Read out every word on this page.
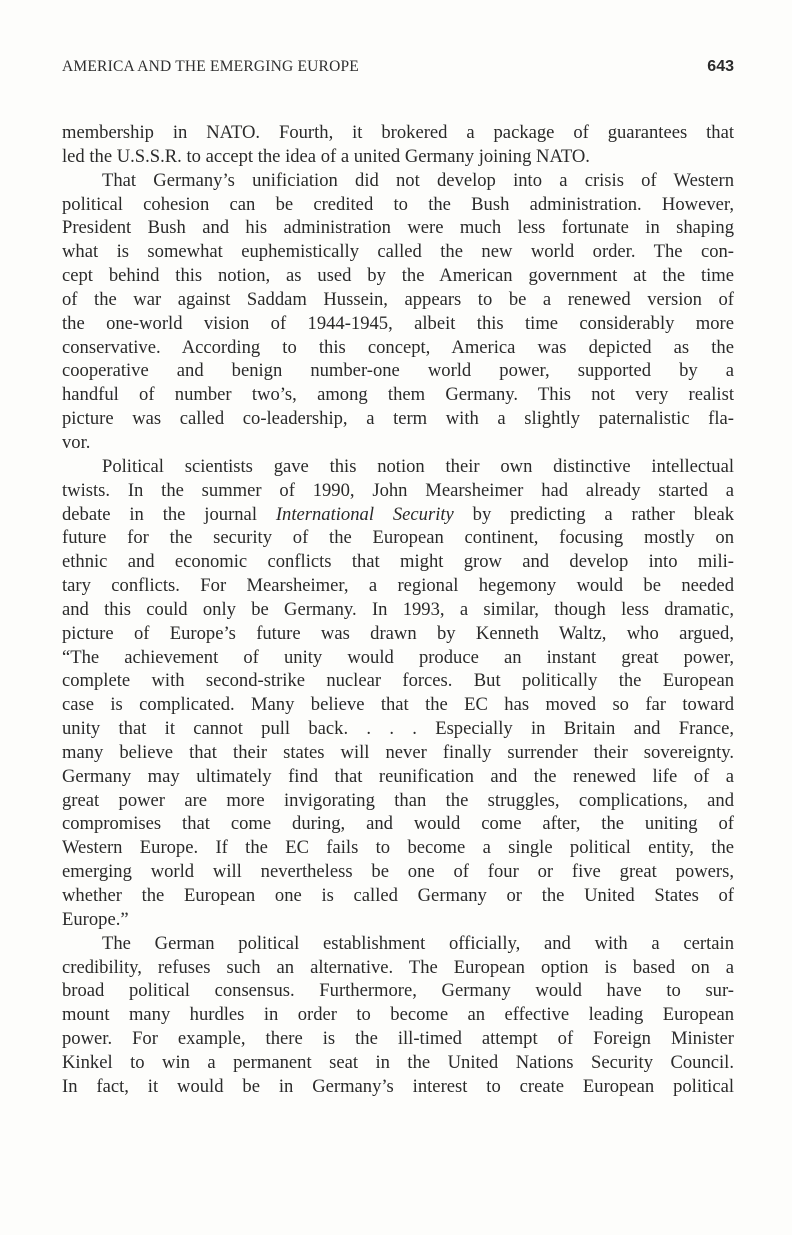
AMERICA AND THE EMERGING EUROPE	643
membership in NATO. Fourth, it brokered a package of guarantees that
led the U.S.S.R. to accept the idea of a united Germany joining NATO.
That Germany’s unificiation did not develop into a crisis of Western
political cohesion can be credited to the Bush administration. However,
President Bush and his administration were much less fortunate in shaping
what is somewhat euphemistically called the new world order. The con-
cept behind this notion, as used by the American government at the time
of the war against Saddam Hussein, appears to be a renewed version of
the one-world vision of 1944-1945, albeit this time considerably more
conservative. According to this concept, America was depicted as the
cooperative and benign number-one world power, supported by a
handful of number two’s, among them Germany. This not very realist
picture was called co-leadership, a term with a slightly paternalistic fla-
vor.
Political scientists gave this notion their own distinctive intellectual
twists. In the summer of 1990, John Mearsheimer had already started a
debate in the journal International Security by predicting a rather bleak
future for the security of the European continent, focusing mostly on
ethnic and economic conflicts that might grow and develop into mili-
tary conflicts. For Mearsheimer, a regional hegemony would be needed
and this could only be Germany. In 1993, a similar, though less dramatic,
picture of Europe’s future was drawn by Kenneth Waltz, who argued,
“The achievement of unity would produce an instant great power,
complete with second-strike nuclear forces. But politically the European
case is complicated. Many believe that the EC has moved so far toward
unity that it cannot pull back. . . . Especially in Britain and France,
many believe that their states will never finally surrender their sovereignty.
Germany may ultimately find that reunification and the renewed life of a
great power are more invigorating than the struggles, complications, and
compromises that come during, and would come after, the uniting of
Western Europe. If the EC fails to become a single political entity, the
emerging world will nevertheless be one of four or five great powers,
whether the European one is called Germany or the United States of
Europe.”
The German political establishment officially, and with a certain
credibility, refuses such an alternative. The European option is based on a
broad political consensus. Furthermore, Germany would have to sur-
mount many hurdles in order to become an effective leading European
power. For example, there is the ill-timed attempt of Foreign Minister
Kinkel to win a permanent seat in the United Nations Security Council.
In fact, it would be in Germany’s interest to create European political
